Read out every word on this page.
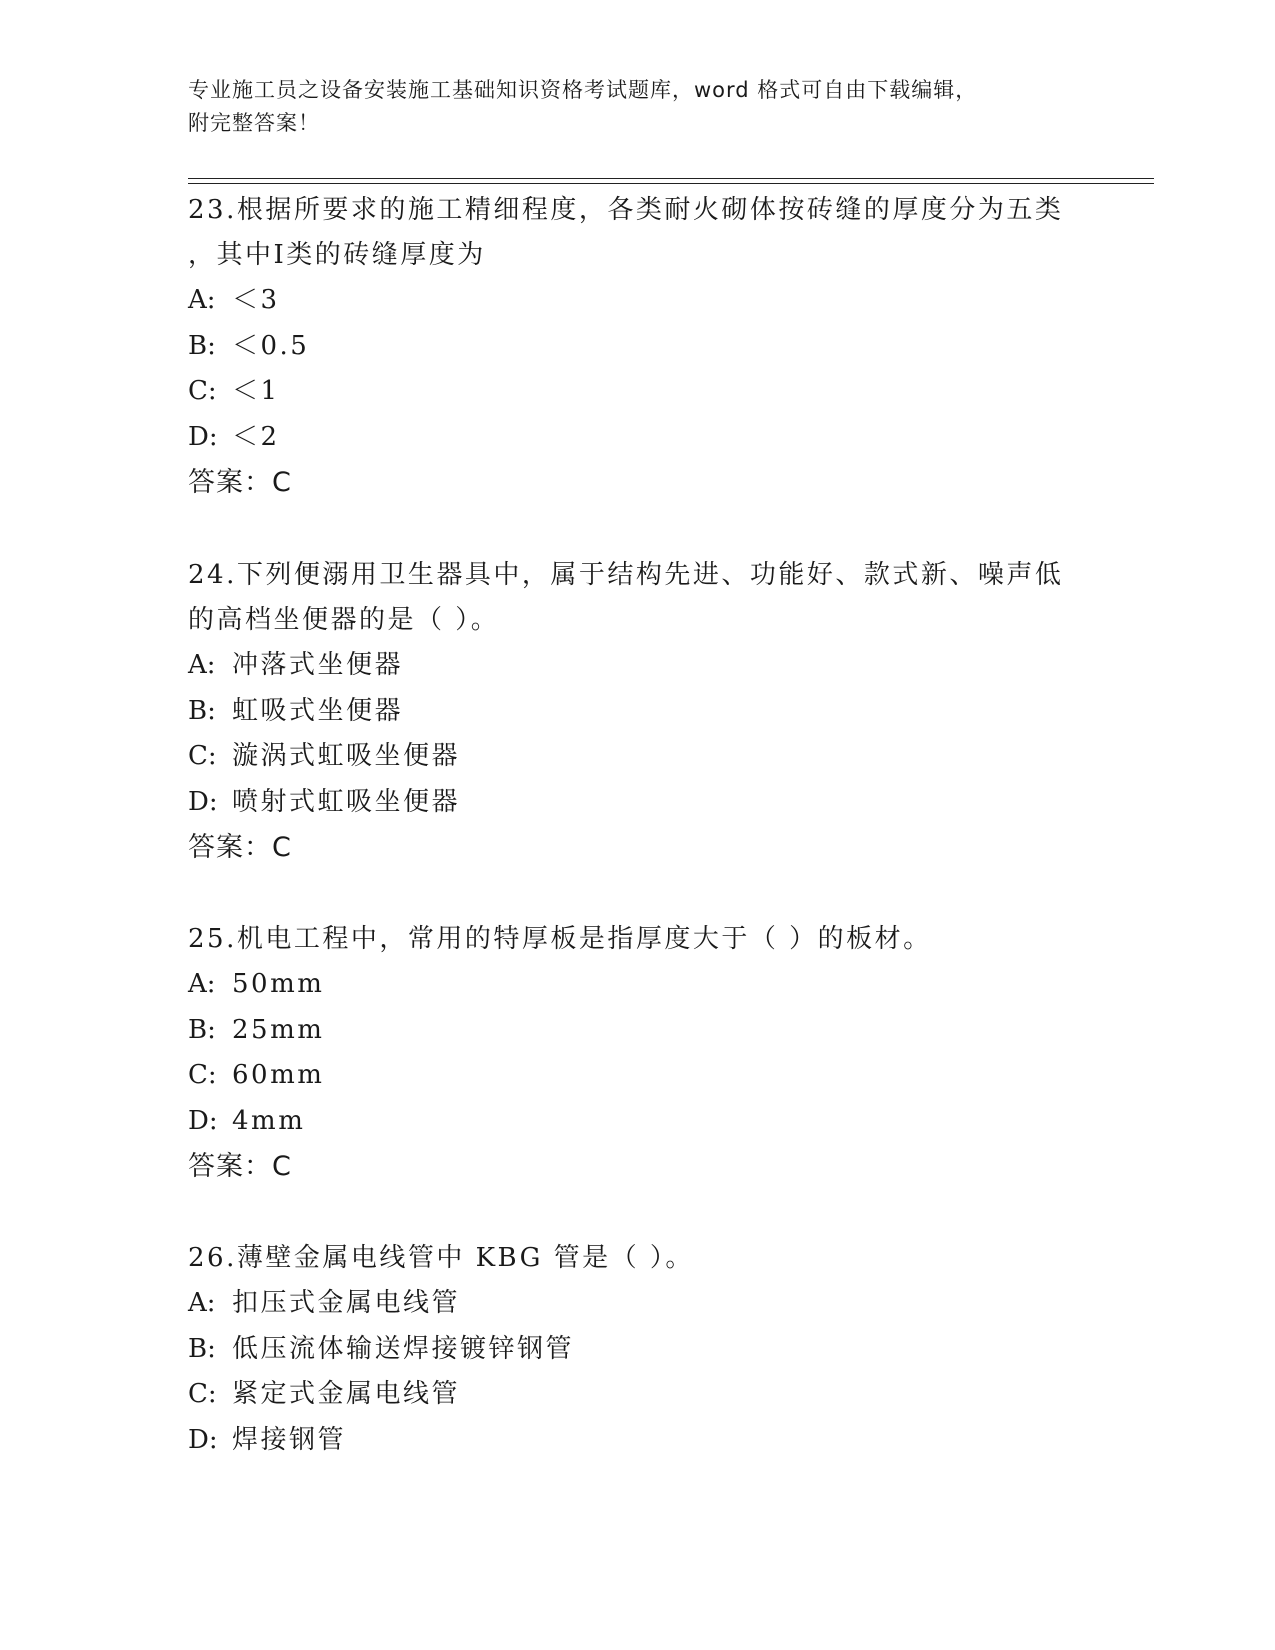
专业施工员之设备安装施工基础知识资格考试题库，word 格式可自由下载编辑，
附完整答案！

23.根据所要求的施工精细程度，各类耐火砌体按砖缝的厚度分为五类
，其中Ⅰ类的砖缝厚度为

A: ＜3

B: ＜0.5

C: ＜1

D: ＜2

答案：C

24.下列便溺用卫生器具中，属于结构先进、功能好、款式新、噪声低
的高档坐便器的是（ ）。

A: 冲落式坐便器

B: 虹吸式坐便器

C: 漩涡式虹吸坐便器

D: 喷射式虹吸坐便器

答案：C

25.机电工程中，常用的特厚板是指厚度大于（ ）的板材。

A: 50mm

B: 25mm

C: 60mm

D: 4mm

答案：C

26.薄壁金属电线管中 KBG 管是（ ）。

A: 扣压式金属电线管

B: 低压流体输送焊接镀锌钢管

C: 紧定式金属电线管

D: 焊接钢管
